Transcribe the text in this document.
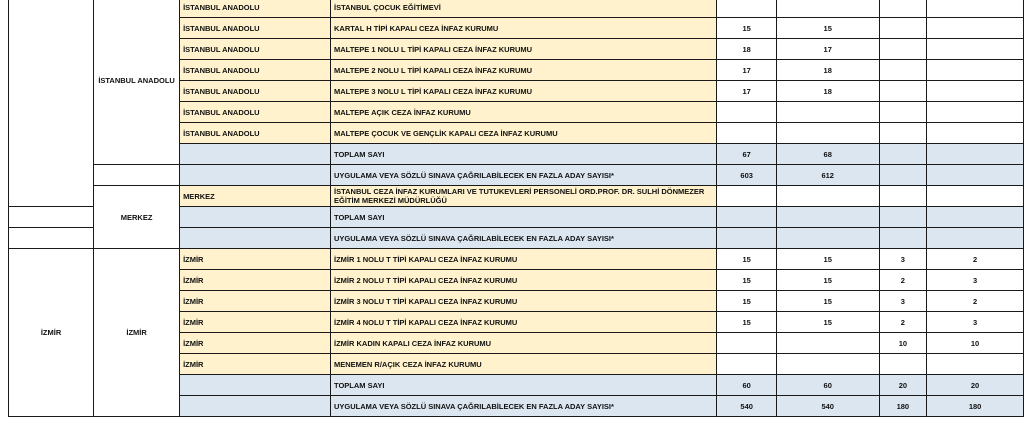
	İSTANBUL ANADOLU	İSTANBUL ANADOLU	İSTANBUL ÇOCUK EĞİTİMEVİ				
		İSTANBUL ANADOLU	KARTAL H TİPİ KAPALI CEZA İNFAZ KURUMU	15	15		
		İSTANBUL ANADOLU	MALTEPE 1 NOLU L TİPİ KAPALI CEZA İNFAZ KURUMU	18	17		
		İSTANBUL ANADOLU	MALTEPE 2 NOLU L TİPİ KAPALI CEZA İNFAZ KURUMU	17	18		
		İSTANBUL ANADOLU	MALTEPE 3 NOLU L TİPİ KAPALI CEZA İNFAZ KURUMU	17	18		
		İSTANBUL ANADOLU	MALTEPE AÇIK CEZA İNFAZ KURUMU				
		İSTANBUL ANADOLU	MALTEPE ÇOCUK VE GENÇLİK KAPALI CEZA İNFAZ KURUMU				
			TOPLAM SAYI	67	68		
			UYGULAMA VEYA SÖZLÜ SINAVA ÇAĞRILABİLECEK EN FAZLA ADAY SAYISI*	603	612		
	MERKEZ	MERKEZ	İSTANBUL CEZA İNFAZ KURUMLARI VE TUTUKEVLERİ PERSONELİ ORD.PROF. DR. SULHİ DÖNMEZER EĞİTİM MERKEZİ MÜDÜRLÜĞÜ				
			TOPLAM SAYI				
			UYGULAMA VEYA SÖZLÜ SINAVA ÇAĞRILABİLECEK EN FAZLA ADAY SAYISI*				
İZMİR	İZMİR	İZMİR	İZMİR 1 NOLU T TİPİ KAPALI CEZA İNFAZ KURUMU	15	15	3	2
		İZMİR	İZMİR 2 NOLU T TİPİ KAPALI CEZA İNFAZ KURUMU	15	15	2	3
		İZMİR	İZMİR 3 NOLU T TİPİ KAPALI CEZA İNFAZ KURUMU	15	15	3	2
		İZMİR	İZMİR 4 NOLU T TİPİ KAPALI CEZA İNFAZ KURUMU	15	15	2	3
		İZMİR	İZMİR KADIN KAPALI CEZA İNFAZ KURUMU			10	10
		İZMİR	MENEMEN R/AÇIK CEZA İNFAZ KURUMU				
			TOPLAM SAYI	60	60	20	20
			UYGULAMA VEYA SÖZLÜ SINAVA ÇAĞRILABİLECEK EN FAZLA ADAY SAYISI*	540	540	180	180
